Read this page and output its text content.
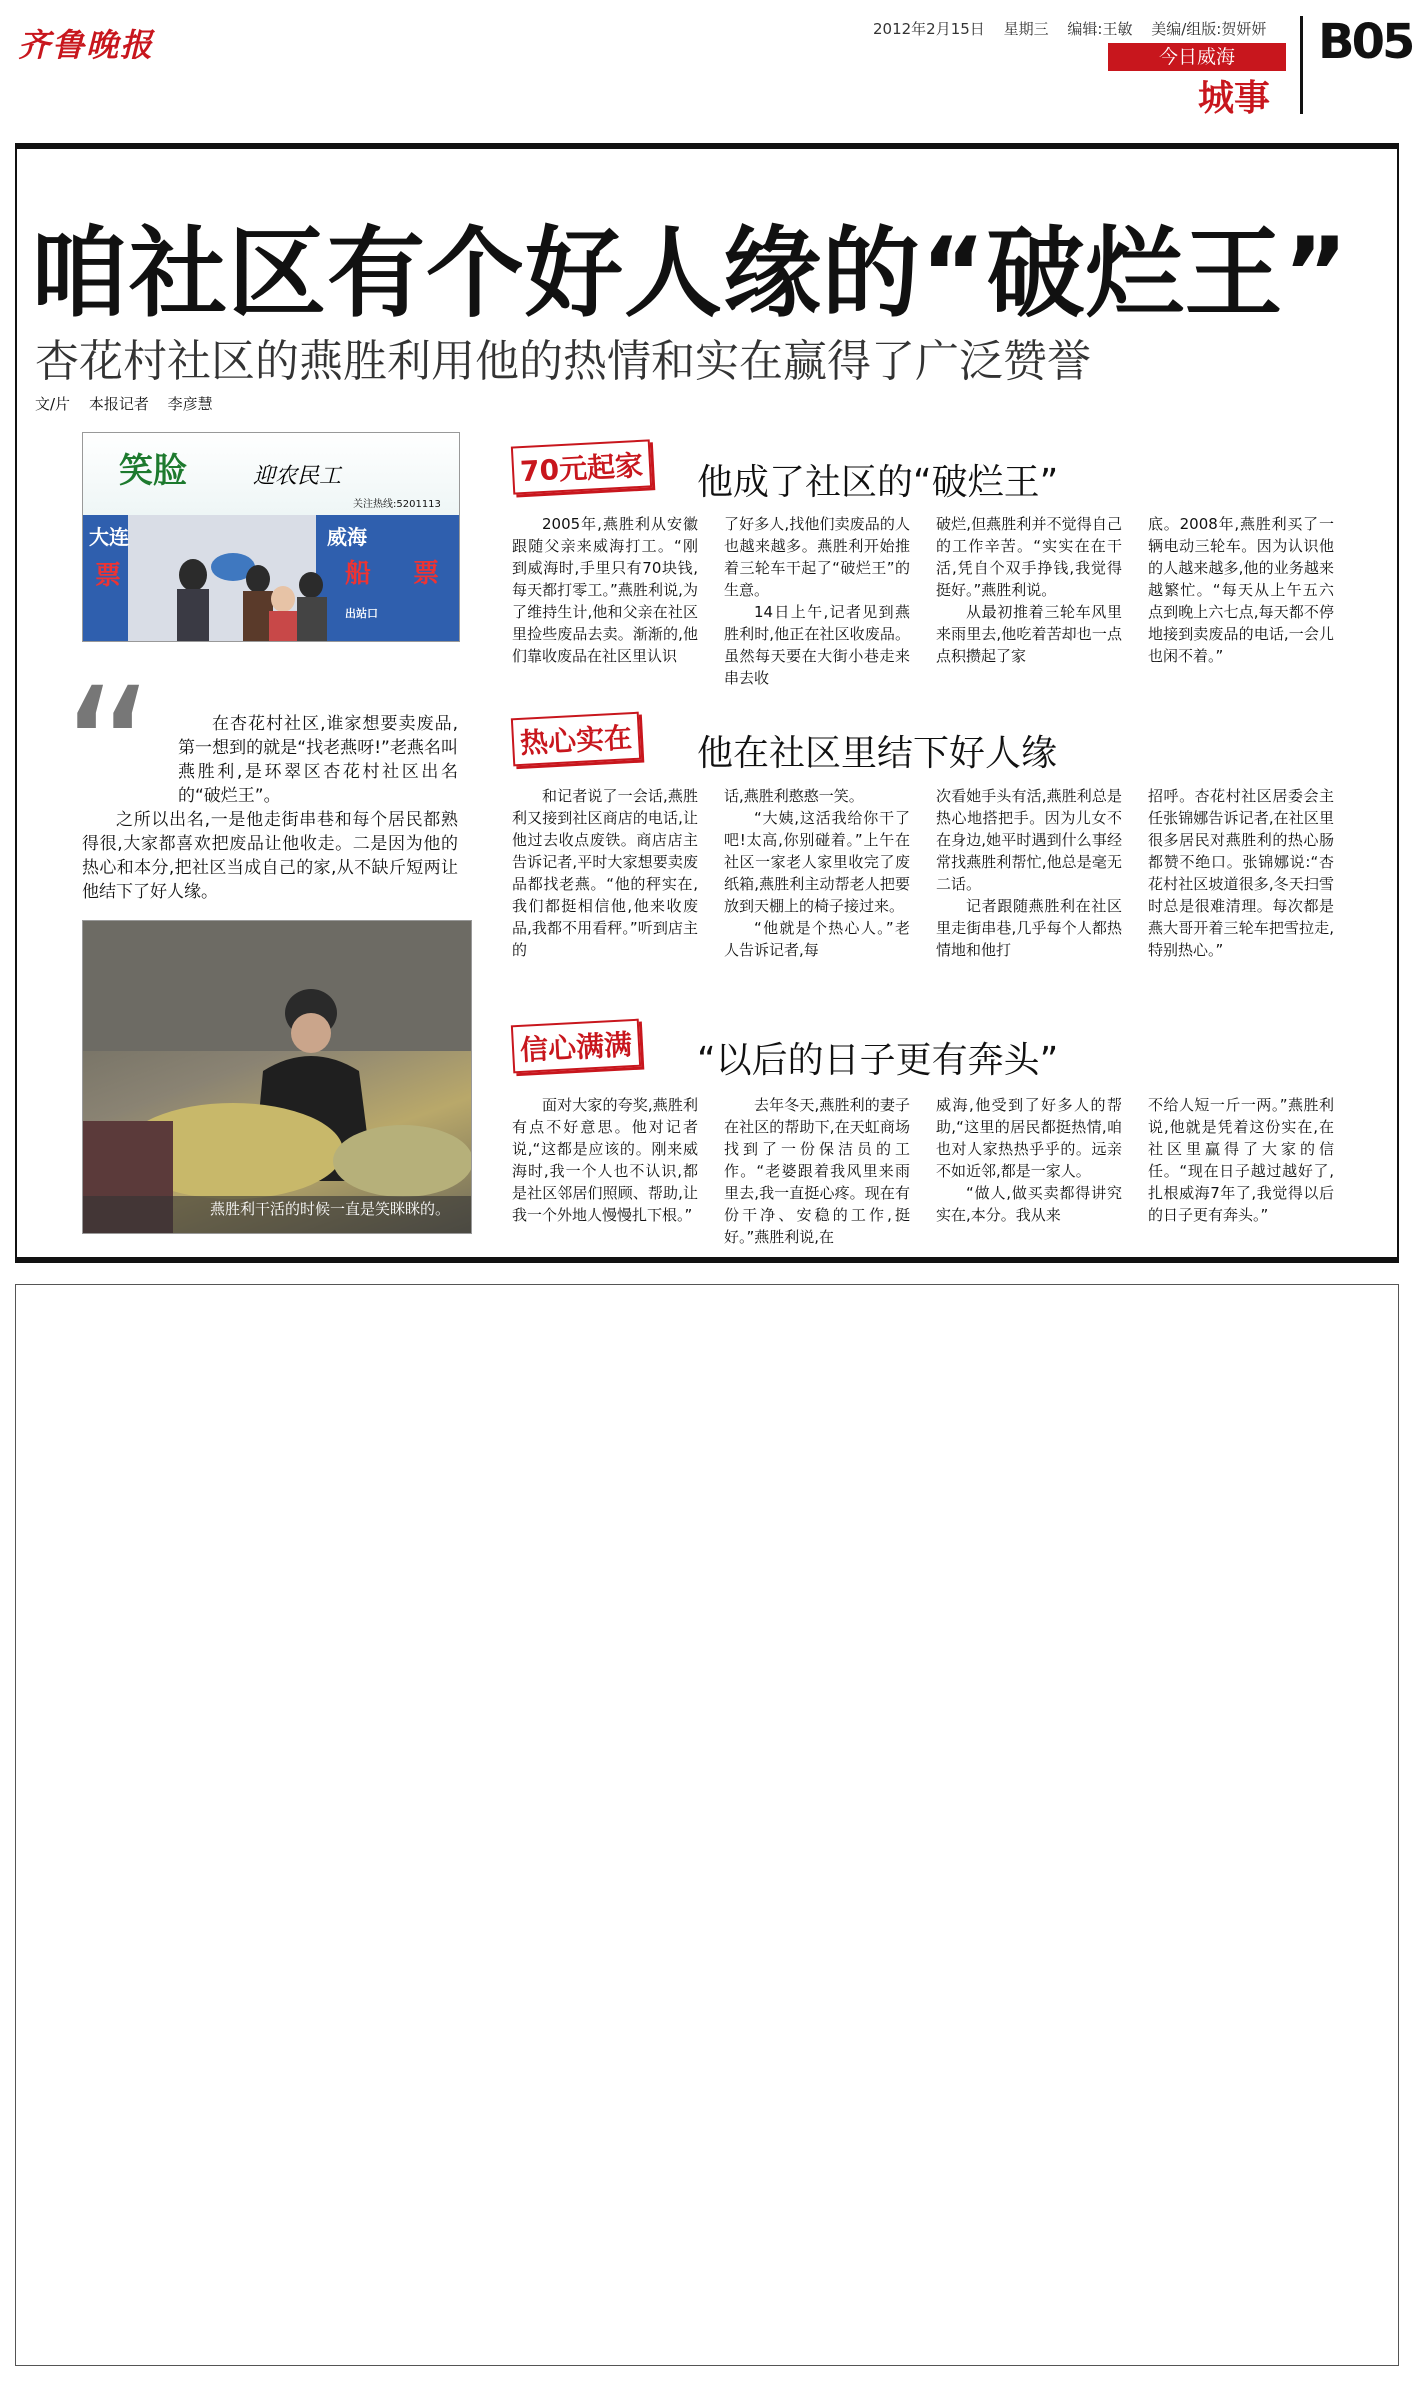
齐鲁晚报	2012年2月15日 星期三 编辑:王敏 美编/组版:贺妍妍
今日威海
城事
B05
咱社区有个好人缘的“破烂王”
杏花村社区的燕胜利用他的热情和实在赢得了广泛赞誉
文/片 本报记者 李彦慧
笑脸	迎农民工
关注热线:5201113
大连
票
威海
船 票
出站口
“	在杏花村社区,谁家想要卖废品,第一想到的就是“找老燕呀!”老燕名叫燕胜利,是环翠区杏花村社区出名的“破烂王”。
之所以出名,一是他走街串巷和每个居民都熟得很,大家都喜欢把废品让他收走。二是因为他的热心和本分,把社区当成自己的家,从不缺斤短两让他结下了好人缘。
燕胜利干活的时候一直是笑眯眯的。
70元起家 他成了社区的“破烂王”

2005年,燕胜利从安徽跟随父亲来威海打工。“刚到威海时,手里只有70块钱,每天都打零工。”燕胜利说,为了维持生计,他和父亲在社区里捡些废品去卖。渐渐的,他们靠收废品在社区里认识

了好多人,找他们卖废品的人也越来越多。燕胜利开始推着三轮车干起了“破烂王”的生意。

14日上午,记者见到燕胜利时,他正在社区收废品。虽然每天要在大街小巷走来串去收

破烂,但燕胜利并不觉得自己的工作辛苦。“实实在在干活,凭自个双手挣钱,我觉得挺好。”燕胜利说。

从最初推着三轮车风里来雨里去,他吃着苦却也一点点积攒起了家

底。2008年,燕胜利买了一辆电动三轮车。因为认识他的人越来越多,他的业务越来越繁忙。“每天从上午五六点到晚上六七点,每天都不停地接到卖废品的电话,一会儿也闲不着。”

热心实在 他在社区里结下好人缘

和记者说了一会话,燕胜利又接到社区商店的电话,让他过去收点废铁。商店店主告诉记者,平时大家想要卖废品都找老燕。“他的秤实在,我们都挺相信他,他来收废品,我都不用看秤。”听到店主的

话,燕胜利憨憨一笑。

“大姨,这活我给你干了吧!太高,你别碰着。”上午在社区一家老人家里收完了废纸箱,燕胜利主动帮老人把要放到天棚上的椅子接过来。

“他就是个热心人。”老人告诉记者,每

次看她手头有活,燕胜利总是热心地搭把手。因为儿女不在身边,她平时遇到什么事经常找燕胜利帮忙,他总是毫无二话。

记者跟随燕胜利在社区里走街串巷,几乎每个人都热情地和他打

招呼。杏花村社区居委会主任张锦娜告诉记者,在社区里很多居民对燕胜利的热心肠都赞不绝口。张锦娜说:“杏花村社区坡道很多,冬天扫雪时总是很难清理。每次都是燕大哥开着三轮车把雪拉走,特别热心。”

信心满满 “以后的日子更有奔头”

面对大家的夸奖,燕胜利有点不好意思。他对记者说,“这都是应该的。刚来威海时,我一个人也不认识,都是社区邻居们照顾、帮助,让我一个外地人慢慢扎下根。”

去年冬天,燕胜利的妻子在社区的帮助下,在天虹商场找到了一份保洁员的工作。“老婆跟着我风里来雨里去,我一直挺心疼。现在有份干净、安稳的工作,挺好。”燕胜利说,在

威海,他受到了好多人的帮助,“这里的居民都挺热情,咱也对人家热热乎乎的。远亲不如近邻,都是一家人。

“做人,做买卖都得讲究实在,本分。我从来

不给人短一斤一两。”燕胜利说,他就是凭着这份实在,在社区里赢得了大家的信任。“现在日子越过越好了,扎根威海7年了,我觉得以后的日子更有奔头。”
